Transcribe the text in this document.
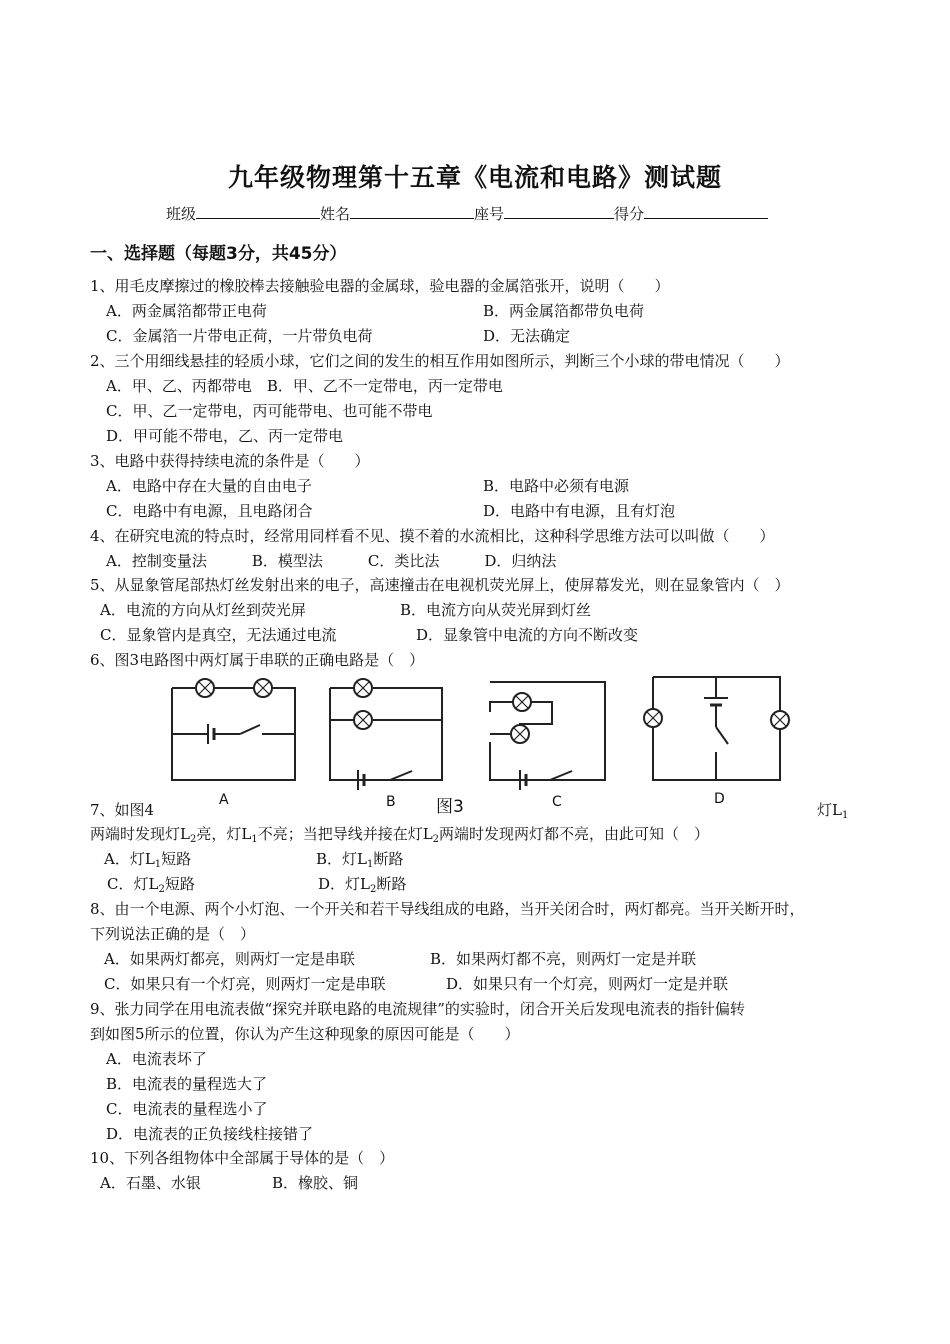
九年级物理第十五章《电流和电路》测试题
班级	姓名	座号	得分
一、选择题（每题3分，共45分）
1、用毛皮摩擦过的橡胶棒去接触验电器的金属球，验电器的金属箔张开，说明（　　）
A．两金属箔都带正电荷	B．两金属箔都带负电荷
C．金属箔一片带电正荷，一片带负电荷	D．无法确定
2、三个用细线悬挂的轻质小球，它们之间的发生的相互作用如图所示，判断三个小球的带电情况（　　）
A．甲、乙、丙都带电　B．甲、乙不一定带电，丙一定带电
C．甲、乙一定带电，丙可能带电、也可能不带电
D．甲可能不带电，乙、丙一定带电
3、电路中获得持续电流的条件是（　　）
A．电路中存在大量的自由电子	B．电路中必须有电源
C．电路中有电源，且电路闭合	D．电路中有电源，且有灯泡
4、在研究电流的特点时，经常用同样看不见、摸不着的水流相比，这种科学思维方法可以叫做（　　）
A．控制变量法　　　B．模型法　　　C．类比法　　　D．归纳法
5、从显象管尾部热灯丝发射出来的电子，高速撞击在电视机荧光屏上，使屏幕发光，则在显象管内（　）
A．电流的方向从灯丝到荧光屏	B．电流方向从荧光屏到灯丝
C．显象管内是真空，无法通过电流	D．显象管中电流的方向不断改变
6、图3电路图中两灯属于串联的正确电路是（　）
A	B 图3	C	D
7、如图4	灯$L_1$
两端时发现灯$L_2$亮，灯$L_1$不亮；当把导线并接在灯$L_2$两端时发现两灯都不亮，由此可知（　）
A．灯$L_1$短路	B．灯$L_1$断路
C．灯$L_2$短路	D．灯$L_2$断路
8、由一个电源、两个小灯泡、一个开关和若干导线组成的电路，当开关闭合时，两灯都亮。当开关断开时，
下列说法正确的是（　）
A．如果两灯都亮，则两灯一定是串联	B．如果两灯都不亮，则两灯一定是并联
C．如果只有一个灯亮，则两灯一定是串联	D．如果只有一个灯亮，则两灯一定是并联
9、张力同学在用电流表做“探究并联电路的电流规律”的实验时，闭合开关后发现电流表的指针偏转
到如图5所示的位置，你认为产生这种现象的原因可能是（　　）
A．电流表坏了
B．电流表的量程选大了
C．电流表的量程选小了
D．电流表的正负接线柱接错了
10、下列各组物体中全部属于导体的是（　）
A．石墨、水银	B．橡胶、铜
